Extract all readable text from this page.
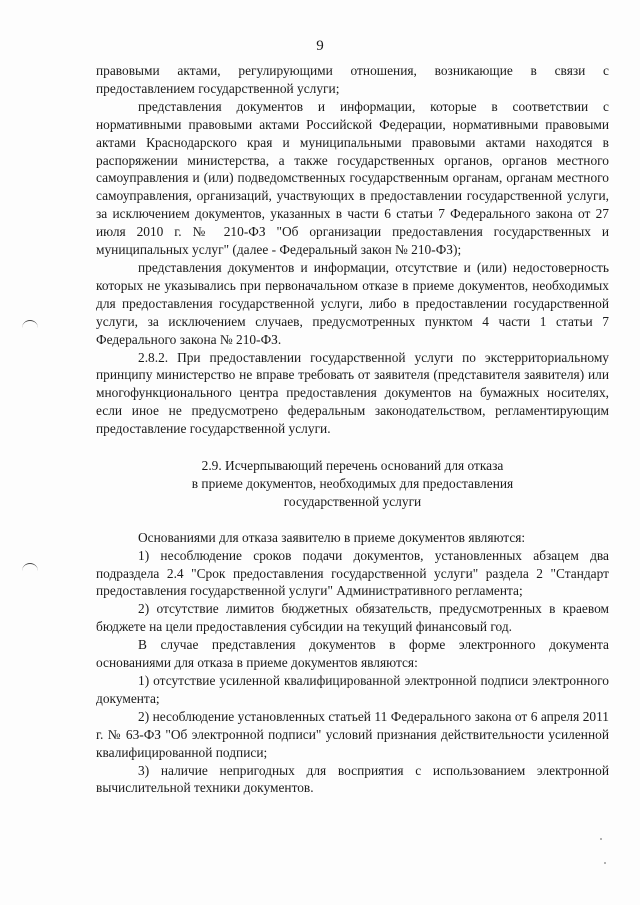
9

правовыми актами, регулирующими отношения, возникающие в связи с предоставлением государственной услуги;

представления документов и информации, которые в соответствии с нормативными правовыми актами Российской Федерации, нормативными правовыми актами Краснодарского края и муниципальными правовыми актами находятся в распоряжении министерства, а также государственных органов, органов местного самоуправления и (или) подведомственных государственным органам, органам местного самоуправления, организаций, участвующих в предоставлении государственной услуги, за исключением документов, указанных в части 6 статьи 7 Федерального закона от 27 июля 2010 г. № 210-ФЗ "Об организации предоставления государственных и муниципальных услуг" (далее - Федеральный закон № 210-ФЗ);

представления документов и информации, отсутствие и (или) недостоверность которых не указывались при первоначальном отказе в приеме документов, необходимых для предоставления государственной услуги, либо в предоставлении государственной услуги, за исключением случаев, предусмотренных пунктом 4 части 1 статьи 7 Федерального закона № 210-ФЗ.

2.8.2. При предоставлении государственной услуги по экстерриториальному принципу министерство не вправе требовать от заявителя (представителя заявителя) или многофункционального центра предоставления документов на бумажных носителях, если иное не предусмотрено федеральным законодательством, регламентирующим предоставление государственной услуги.

2.9. Исчерпывающий перечень оснований для отказа
в приеме документов, необходимых для предоставления
государственной услуги

Основаниями для отказа заявителю в приеме документов являются:

1) несоблюдение сроков подачи документов, установленных абзацем два подраздела 2.4 "Срок предоставления государственной услуги" раздела 2 "Стандарт предоставления государственной услуги" Административного регламента;

2) отсутствие лимитов бюджетных обязательств, предусмотренных в краевом бюджете на цели предоставления субсидии на текущий финансовый год.

В случае представления документов в форме электронного документа основаниями для отказа в приеме документов являются:

1) отсутствие усиленной квалифицированной электронной подписи электронного документа;

2) несоблюдение установленных статьей 11 Федерального закона от 6 апреля 2011 г. № 63-ФЗ "Об электронной подписи" условий признания действительности усиленной квалифицированной подписи;

3) наличие непригодных для восприятия с использованием электронной вычислительной техники документов.
